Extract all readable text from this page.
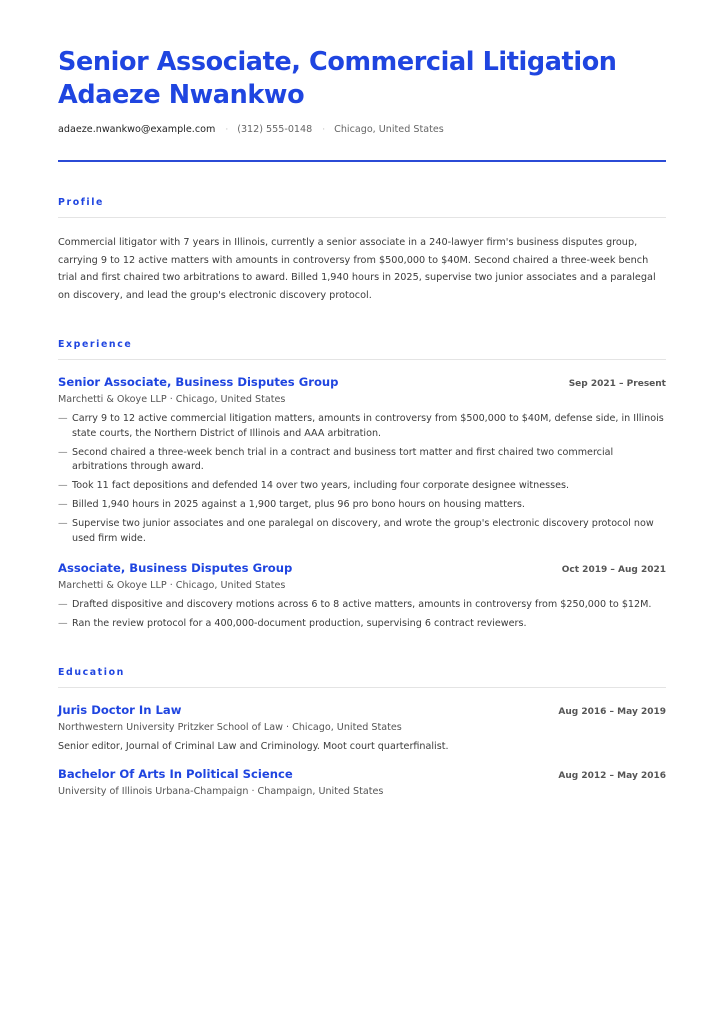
Senior Associate, Commercial Litigation
Adaeze Nwankwo
adaeze.nwankwo@example.com · (312) 555-0148 · Chicago, United States
Profile
Commercial litigator with 7 years in Illinois, currently a senior associate in a 240-lawyer firm's business disputes group, carrying 9 to 12 active matters with amounts in controversy from $500,000 to $40M. Second chaired a three-week bench trial and first chaired two arbitrations to award. Billed 1,940 hours in 2025, supervise two junior associates and a paralegal on discovery, and lead the group's electronic discovery protocol.
Experience
Senior Associate, Business Disputes Group	Sep 2021 – Present
Marchetti & Okoye LLP · Chicago, United States
— Carry 9 to 12 active commercial litigation matters, amounts in controversy from $500,000 to $40M, defense side, in Illinois state courts, the Northern District of Illinois and AAA arbitration.
— Second chaired a three-week bench trial in a contract and business tort matter and first chaired two commercial arbitrations through award.
— Took 11 fact depositions and defended 14 over two years, including four corporate designee witnesses.
— Billed 1,940 hours in 2025 against a 1,900 target, plus 96 pro bono hours on housing matters.
— Supervise two junior associates and one paralegal on discovery, and wrote the group's electronic discovery protocol now used firm wide.
Associate, Business Disputes Group	Oct 2019 – Aug 2021
Marchetti & Okoye LLP · Chicago, United States
— Drafted dispositive and discovery motions across 6 to 8 active matters, amounts in controversy from $250,000 to $12M.
— Ran the review protocol for a 400,000-document production, supervising 6 contract reviewers.
Education
Juris Doctor In Law	Aug 2016 – May 2019
Northwestern University Pritzker School of Law · Chicago, United States
Senior editor, Journal of Criminal Law and Criminology. Moot court quarterfinalist.
Bachelor Of Arts In Political Science	Aug 2012 – May 2016
University of Illinois Urbana-Champaign · Champaign, United States
